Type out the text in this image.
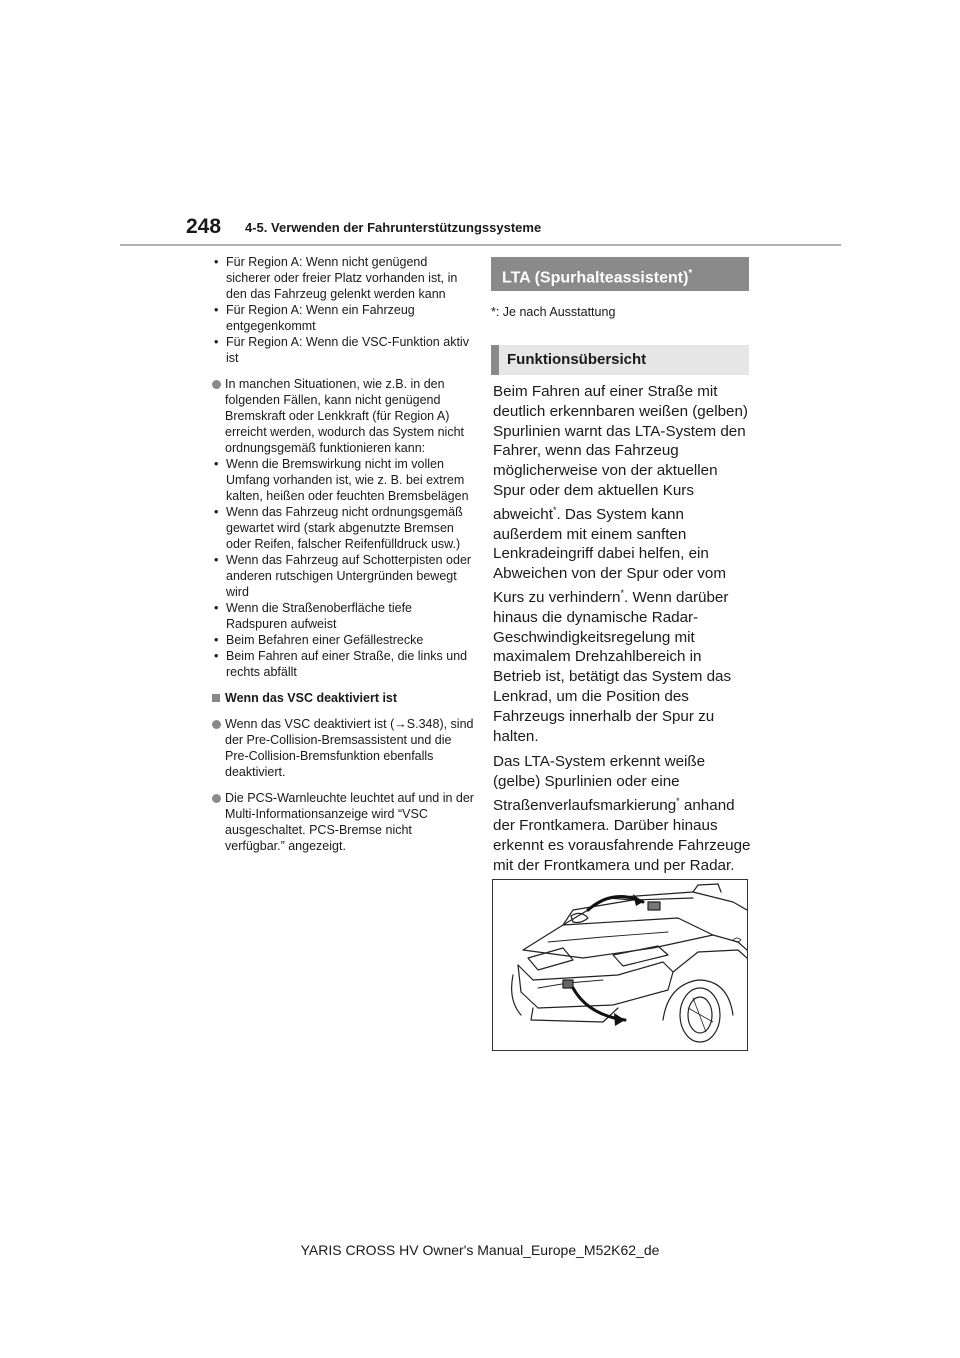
248 4-5. Verwenden der Fahrunterstützungssysteme
• Für Region A: Wenn nicht genügend sicherer oder freier Platz vorhanden ist, in den das Fahrzeug gelenkt werden kann
• Für Region A: Wenn ein Fahrzeug entgegenkommt
• Für Region A: Wenn die VSC-Funktion aktiv ist
In manchen Situationen, wie z.B. in den folgenden Fällen, kann nicht genügend Bremskraft oder Lenkkraft (für Region A) erreicht werden, wodurch das System nicht ordnungsgemäß funktionieren kann:
• Wenn die Bremswirkung nicht im vollen Umfang vorhanden ist, wie z. B. bei extrem kalten, heißen oder feuchten Bremsbelägen
• Wenn das Fahrzeug nicht ordnungsgemäß gewartet wird (stark abgenutzte Bremsen oder Reifen, falscher Reifenfülldruck usw.)
• Wenn das Fahrzeug auf Schotterpisten oder anderen rutschigen Untergründen bewegt wird
• Wenn die Straßenoberfläche tiefe Radspuren aufweist
• Beim Befahren einer Gefällestrecke
• Beim Fahren auf einer Straße, die links und rechts abfällt
Wenn das VSC deaktiviert ist
Wenn das VSC deaktiviert ist (→S.348), sind der Pre-Collision-Bremsassistent und die Pre-Collision-Bremsfunktion ebenfalls deaktiviert.
Die PCS-Warnleuchte leuchtet auf und in der Multi-Informationsanzeige wird “VSC ausgeschaltet. PCS-Bremse nicht verfügbar.” angezeigt.
LTA (Spurhalteassistent)*
*: Je nach Ausstattung
Funktionsübersicht

Beim Fahren auf einer Straße mit deutlich erkennbaren weißen (gelben) Spurlinien warnt das LTA-System den Fahrer, wenn das Fahrzeug möglicherweise von der aktuellen Spur oder dem aktuellen Kurs abweicht*. Das System kann außerdem mit einem sanften Lenkradeingriff dabei helfen, ein Abweichen von der Spur oder vom Kurs zu verhindern*. Wenn darüber hinaus die dynamische Radar-Geschwindigkeitsregelung mit maximalem Drehzahlbereich in Betrieb ist, betätigt das System das Lenkrad, um die Position des Fahrzeugs innerhalb der Spur zu halten.

Das LTA-System erkennt weiße (gelbe) Spurlinien oder eine Straßenverlaufsmarkierung* anhand der Frontkamera. Darüber hinaus erkennt es vorausfahrende Fahrzeuge mit der Frontkamera und per Radar.

YARIS CROSS HV Owner's Manual_Europe_M52K62_de
